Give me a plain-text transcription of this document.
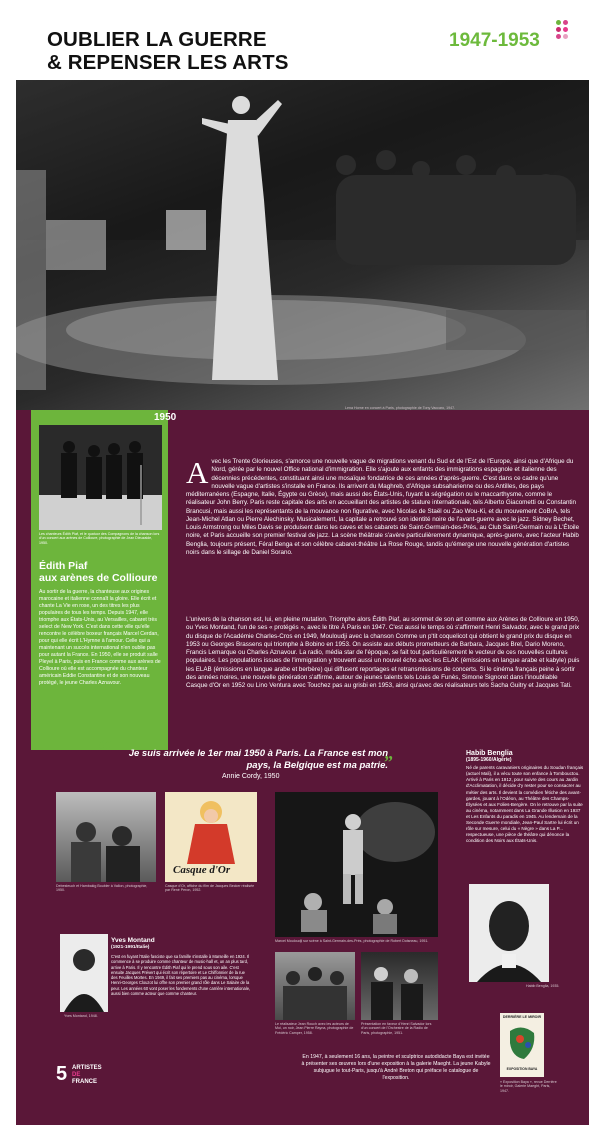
OUBLIER LA GUERRE
& REPENSER LES ARTS
1947-1953
Lena Horne en concert à Paris, photographie de Tony Vaccaro, 1947.
1950
Les chanteurs Édith Piaf, et le quatuor des Compagnons de la chanson lors d'un concert aux arènes de Collioure, photographie de Jean Dieuzaide, 1950.
Édith Piaf
aux arènes de Collioure
Au sortir de la guerre, la chanteuse aux origines marocaine et italienne connaît la gloire. Elle écrit et chante La Vie en rose, un des titres les plus populaires de tous les temps. Depuis 1947, elle triomphe aux États-Unis, au Versailles, cabaret très select de New York. C'est dans cette ville qu'elle rencontre le célèbre boxeur français Marcel Cerdan, pour qui elle écrit L'Hymne à l'amour. Celle qui a maintenant un succès international n'en oublie pas pour autant la France. En 1950, elle se produit salle Pleyel à Paris, puis en France comme aux arènes de Collioure où elle est accompagnée du chanteur américain Eddie Constantine et de son nouveau protégé, le jeune Charles Aznavour.
Avec les Trente Glorieuses, s'amorce une nouvelle vague de migrations venant du Sud et de l'Est de l'Europe, ainsi que d'Afrique du Nord, gérée par le nouvel Office national d'immigration. Elle s'ajoute aux enfants des immigrations espagnole et italienne des décennies précédentes, constituant ainsi une mosaïque fondatrice de ces années d'après-guerre. C'est dans ce cadre qu'une nouvelle vague d'artistes s'installe en France. Ils arrivent du Maghreb, d'Afrique subsaharienne ou des Antilles, des pays méditerranéens (Espagne, Italie, Égypte ou Grèce), mais aussi des États-Unis, fuyant la ségrégation ou le maccarthysme, comme le réalisateur John Berry. Paris reste capitale des arts en accueillant des artistes de stature internationale, tels Alberto Giacometti ou Constantin Brancusi, mais aussi les représentants de la mouvance non figurative, avec Nicolas de Staël ou Zao Wou-Ki, et du mouvement CoBrA, tels Jean-Michel Atlan ou Pierre Alechinsky. Musicalement, la capitale a retrouvé son identité noire de l'avant-guerre avec le jazz. Sidney Bechet, Louis Armstrong ou Miles Davis se produisent dans les caves et les cabarets de Saint-Germain-des-Prés, au Club Saint-Germain ou à L'Étoile noire, et Paris accueille son premier festival de jazz. La scène théâtrale s'avère particulièrement dynamique, après-guerre, avec l'acteur Habib Benglia, toujours présent, Féral Benga et son célèbre cabaret-théâtre La Rose Rouge, tandis qu'émerge une nouvelle génération d'artistes noirs dans le sillage de Daniel Sorano.
L'univers de la chanson est, lui, en pleine mutation. Triomphe alors Édith Piaf, au sommet de son art comme aux Arènes de Collioure en 1950, ou Yves Montand, l'un de ses « protégés », avec le titre À Paris en 1947. C'est aussi le temps où s'affirment Henri Salvador, avec le grand prix du disque de l'Académie Charles-Cros en 1949, Mouloudji avec la chanson Comme un p'tit coquelicot qui obtient le grand prix du disque en 1953 ou Georges Brassens qui triomphe à Bobino en 1953. On assiste aux débuts prometteurs de Barbara, Jacques Brel, Dario Moreno, Francis Lemarque ou Charles Aznavour. La radio, média star de l'époque, se fait tout particulièrement le vecteur de ces nouvelles cultures populaires. Les populations issues de l'immigration y trouvent aussi un nouvel écho avec les ELAK (émissions en langue arabe et kabyle) puis les ELAB (émissions en langue arabe et berbère) qui diffusent reportages et retransmissions de concerts. Si le cinéma français peine à sortir des années noires, une nouvelle génération s'affirme, autour de jeunes talents tels Louis de Funès, Simone Signoret dans l'inoubliable Casque d'Or en 1952 ou Lino Ventura avec Touchez pas au grisbi en 1953, ainsi qu'avec des réalisateurs tels Sacha Guitry et Jacques Tati.
“	Je suis arrivée le 1er mai 1950 à Paris. La France est mon pays, la Belgique est ma patrie.
”
Annie Cordy, 1950
Habib Benglia
(1895-1960/Algérie)
Né de parents caravaniers originaires du Soudan français (actuel Mali), il a vécu toute son enfance à Tombouctou. Arrivé à Paris en 1912, pour suivre des cours au Jardin d'Acclimatation, il décide d'y rester pour se consacrer au métier des arts. Il devient la comédien fétiche des avant-gardes, jouant à l'Odéon, au Théâtre des Champs-Élysées et aux Folies-Bergère. On le retrouve par la suite au cinéma, notamment dans La Grande Illusion en 1937 et Les Enfants du paradis en 1945. Au lendemain de la Seconde Guerre mondiale, Jean-Paul Sartre lui écrit un rôle sur mesure, celui du « Nègre » dans La P... respectueuse, une pièce de théâtre qui dénonce la condition des Noirs aux États-Unis.
Habib Benglia, 1935.
Debesteuch et Hambakig Boubler à Vallon, photographie, 1950.
Casque d'Or
Casque d'Or, affiche du film de Jacques Becker réalisée par René Peron, 1952.
Marcel Mouloudji sur scène à Saint-Germain-des-Prés, photographie de Robert Doisneau, 1951.
Le réalisateur Jean Rouch avec les acteurs de Moi, un noir, Jean Pierre Rayna, photographie de Frédéric Camper, 1958.
Présentation en faveur d'Henri Salvador lors d'un concert de l'Orchestre de la Radio de Paris, photographie, 1951.
Yves Montand, 1948.
Yves Montand
(1921-1991/Italie)
C'est en fuyant l'Italie fasciste que sa famille s'installe à Marseille en 1924. Il commence à se produire comme chanteur de music-hall et, un an plus tard, arrive à Paris. Il y rencontre Édith Piaf qui le prend sous son aile. C'est ensuite Jacques Prévert qui écrit son répertoire et Le Chiffonnier de la rue des Feuilles Mortes. En 1949, il fait ses premiers pas au cinéma, lorsque Henri-Georges Clouzot lui offre son premier grand rôle dans Le Salaire de la peur. Les années 60 vont poser les fondements d'une carrière internationale, aussi bien comme acteur que comme chanteur.
En 1947, à seulement 16 ans, la peintre et sculptrice autodidacte Baya est invitée à présenter ses œuvres lors d'une exposition à la galerie Maeght. La jeune Kabyle subjugue le tout-Paris, jusqu'à André Breton qui préface le catalogue de l'exposition.
DERRIÈRE LE MIROIR
EXPOSITION BAYA
« Exposition Baya », revue Derrière le miroir, Galerie Maeght, Paris, 1947.
5 ARTISTES
DE
FRANCE
